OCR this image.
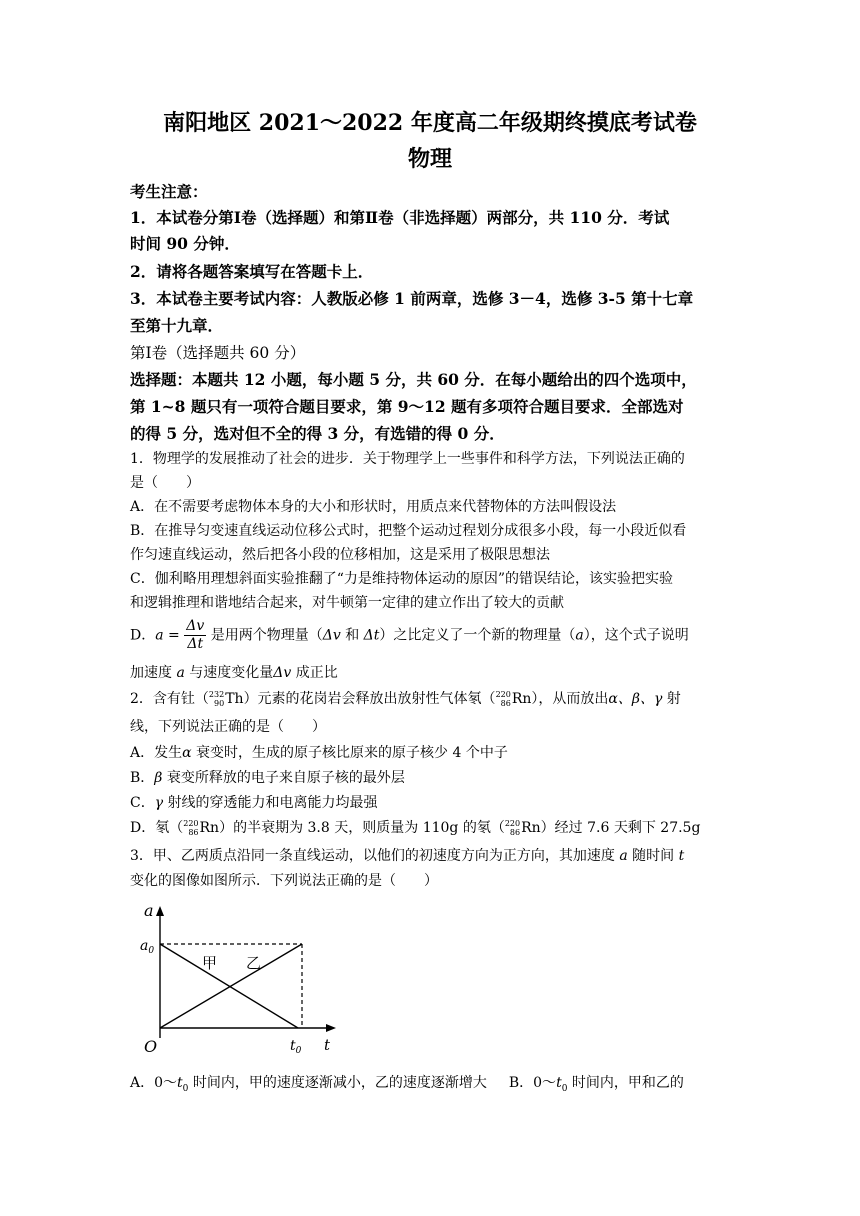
南阳地区 2021～2022 年度高二年级期终摸底考试卷
物理
考生注意：
1．本试卷分第Ⅰ卷（选择题）和第Ⅱ卷（非选择题）两部分，共 110 分．考试
时间 90 分钟．
2．请将各题答案填写在答题卡上．
3．本试卷主要考试内容：人教版必修 1 前两章，选修 3－4，选修 3-5 第十七章
至第十九章．
第Ⅰ卷（选择题共 60 分）
选择题：本题共 12 小题，每小题 5 分，共 60 分．在每小题给出的四个选项中，
第 1~8 题只有一项符合题目要求，第 9～12 题有多项符合题目要求．全部选对
的得 5 分，选对但不全的得 3 分，有选错的得 0 分．
1．物理学的发展推动了社会的进步．关于物理学上一些事件和科学方法，下列说法正确的
是（　　）
A．在不需要考虑物体本身的大小和形状时，用质点来代替物体的方法叫假设法
B．在推导匀变速直线运动位移公式时，把整个运动过程划分成很多小段，每一小段近似看
作匀速直线运动，然后把各小段的位移相加，这是采用了极限思想法
C．伽利略用理想斜面实验推翻了“力是维持物体运动的原因”的错误结论，该实验把实验
和逻辑推理和谐地结合起来，对牛顿第一定律的建立作出了较大的贡献
D．$a = \frac{\Delta v}{\Delta t}$ 是用两个物理量（Δv 和 Δt）之比定义了一个新的物理量（a），这个式子说明
加速度 a 与速度变化量Δv 成正比
2．含有钍（ 232
90 Th）元素的花岗岩会释放出放射性气体氡（ 220
86 Rn），从而放出α、β、γ 射
线，下列说法正确的是（　　）
A．发生α 衰变时，生成的原子核比原来的原子核少 4 个中子
B．β 衰变所释放的电子来自原子核的最外层
C．γ 射线的穿透能力和电离能力均最强
D．氡（ 220
86 Rn）的半衰期为 3.8 天，则质量为 110g 的氡（ 220
86 Rn）经过 7.6 天剩下 27.5g
3．甲、乙两质点沿同一条直线运动，以他们的初速度方向为正方向，其加速度 a 随时间 t
变化的图像如图所示．下列说法正确的是（　　）
a
t
$a_0$
$t_0$
O
甲 乙
A．$0\sim t_0$ 时间内，甲的速度逐渐减小，乙的速度逐渐增大 B．$0\sim t_0$ 时间内，甲和乙的
